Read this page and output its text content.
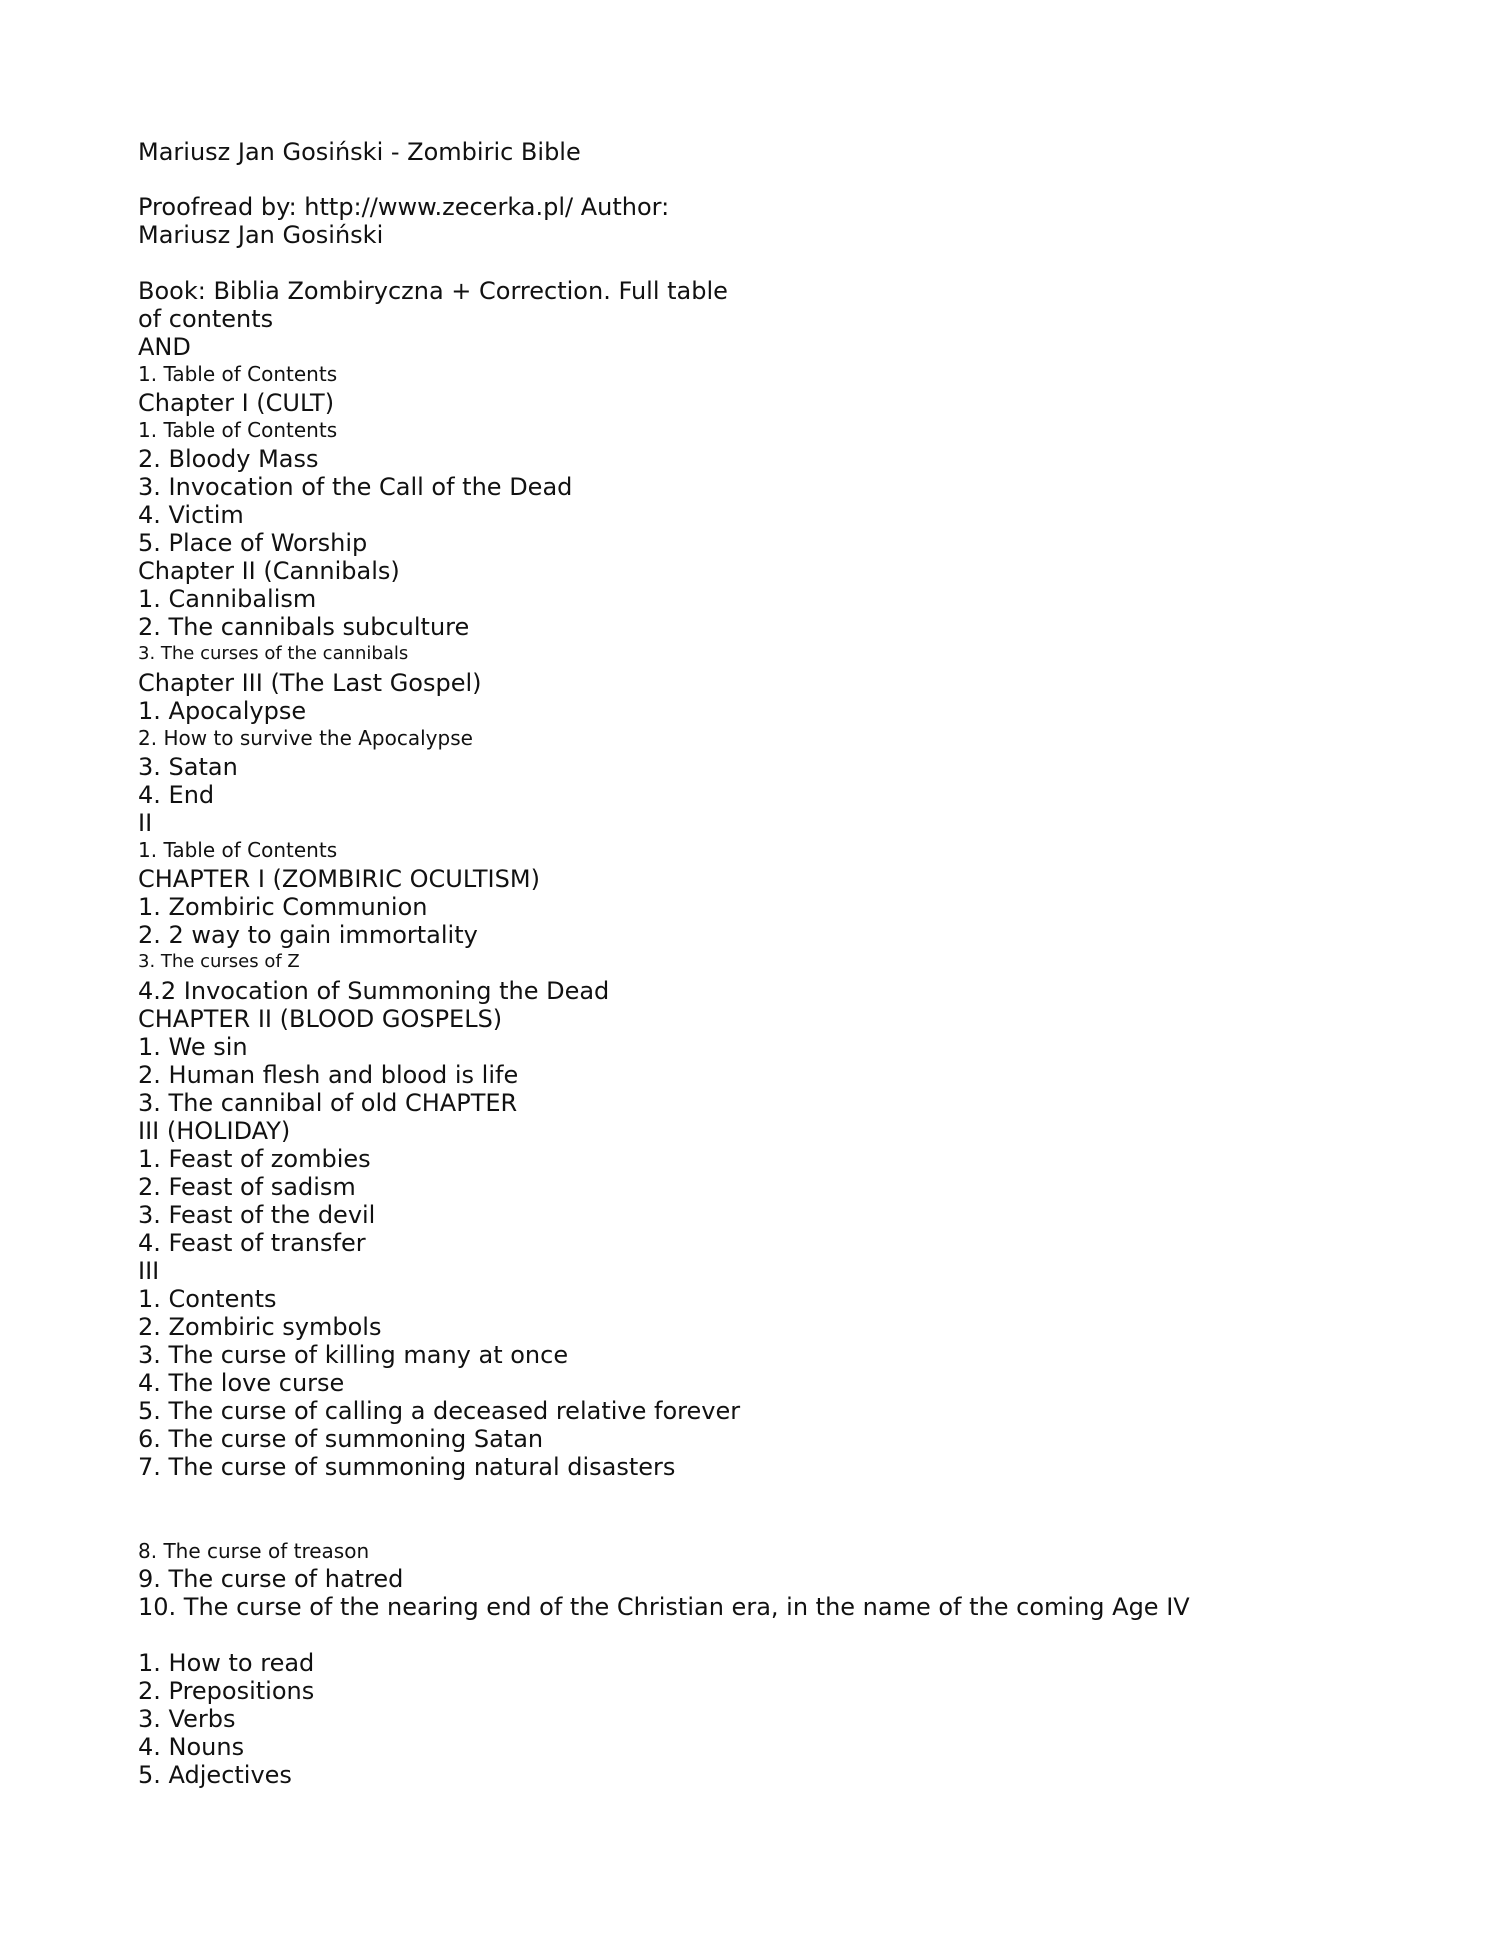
Mariusz Jan Gosiński - Zombiric Bible
Proofread by: http://www.zecerka.pl/ Author:
Mariusz Jan Gosiński
Book: Biblia Zombiryczna + Correction. Full table
of contents
AND
1. Table of Contents
Chapter I (CULT)
1. Table of Contents
2. Bloody Mass
3. Invocation of the Call of the Dead
4. Victim
5. Place of Worship
Chapter II (Cannibals)
1. Cannibalism
2. The cannibals subculture
3. The curses of the cannibals
Chapter III (The Last Gospel)
1. Apocalypse
2. How to survive the Apocalypse
3. Satan
4. End
II
1. Table of Contents
CHAPTER I (ZOMBIRIC OCULTISM)
1. Zombiric Communion
2. 2 way to gain immortality
3. The curses of Z
4.2 Invocation of Summoning the Dead
CHAPTER II (BLOOD GOSPELS)
1. We sin
2. Human flesh and blood is life
3. The cannibal of old CHAPTER
III (HOLIDAY)
1. Feast of zombies
2. Feast of sadism
3. Feast of the devil
4. Feast of transfer
III
1. Contents
2. Zombiric symbols
3. The curse of killing many at once
4. The love curse
5. The curse of calling a deceased relative forever
6. The curse of summoning Satan
7. The curse of summoning natural disasters
8. The curse of treason
9. The curse of hatred
10. The curse of the nearing end of the Christian era, in the name of the coming Age IV
1. How to read
2. Prepositions
3. Verbs
4. Nouns
5. Adjectives
